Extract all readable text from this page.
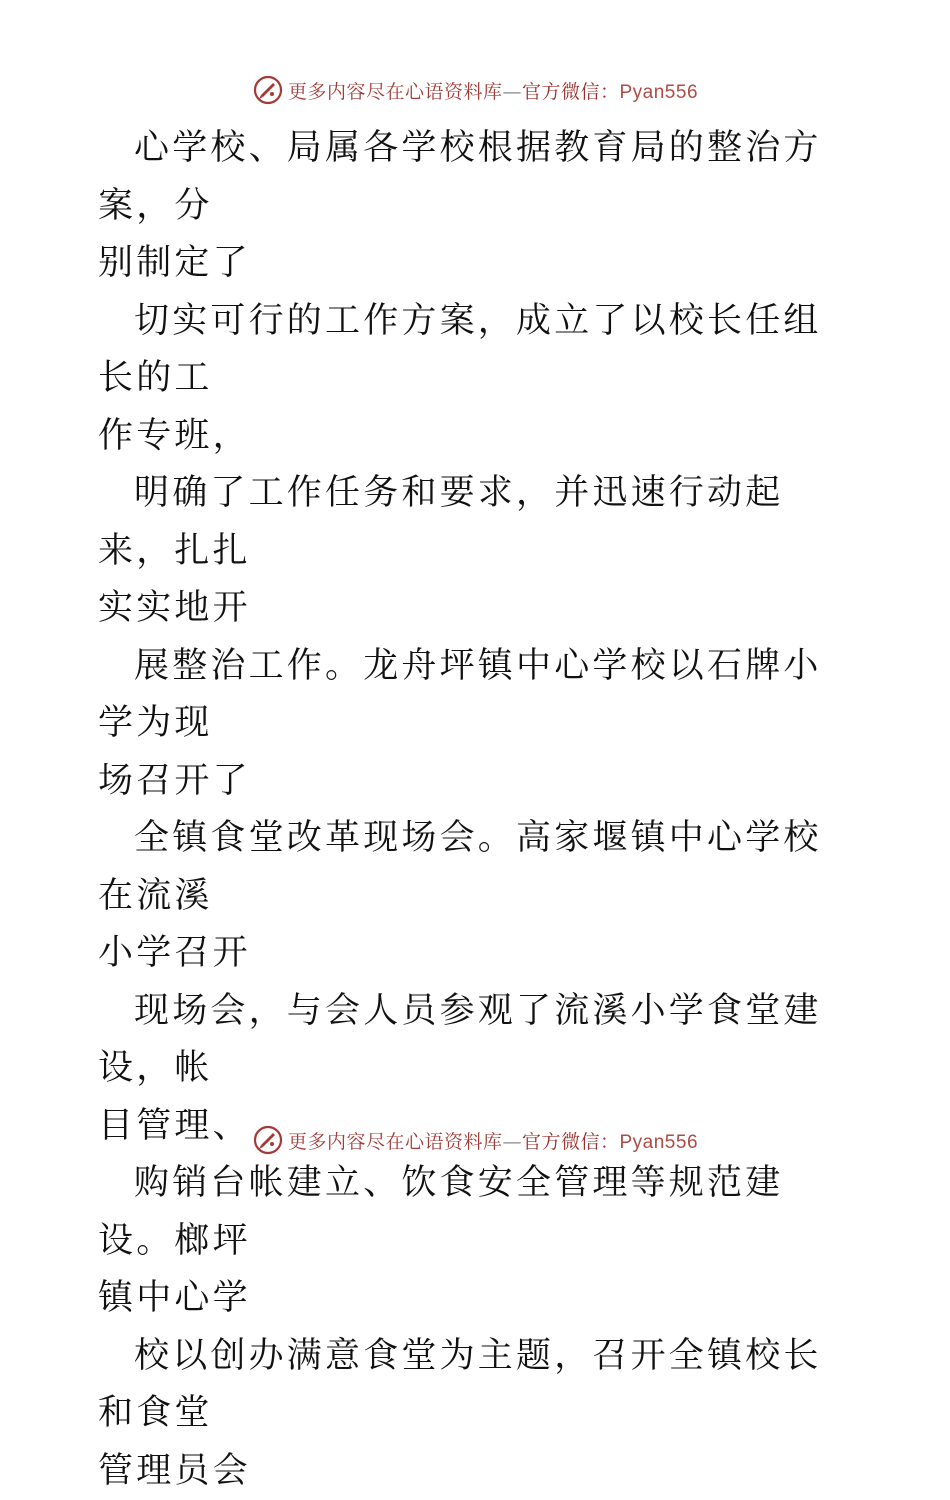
更多内容尽在心语资料库—官方微信：Pyan556

心学校、局属各学校根据教育局的整治方案，分
别制定了

切实可行的工作方案，成立了以校长任组长的工
作专班，

明确了工作任务和要求，并迅速行动起来，扎扎
实实地开

展整治工作。龙舟坪镇中心学校以石牌小学为现
场召开了

全镇食堂改革现场会。高家堰镇中心学校在流溪
小学召开

现场会，与会人员参观了流溪小学食堂建设，帐
目管理、

购销台帐建立、饮食安全管理等规范建设。榔坪
镇中心学

校以创办满意食堂为主题，召开全镇校长和食堂
管理员会

更多内容尽在心语资料库—官方微信：Pyan556
